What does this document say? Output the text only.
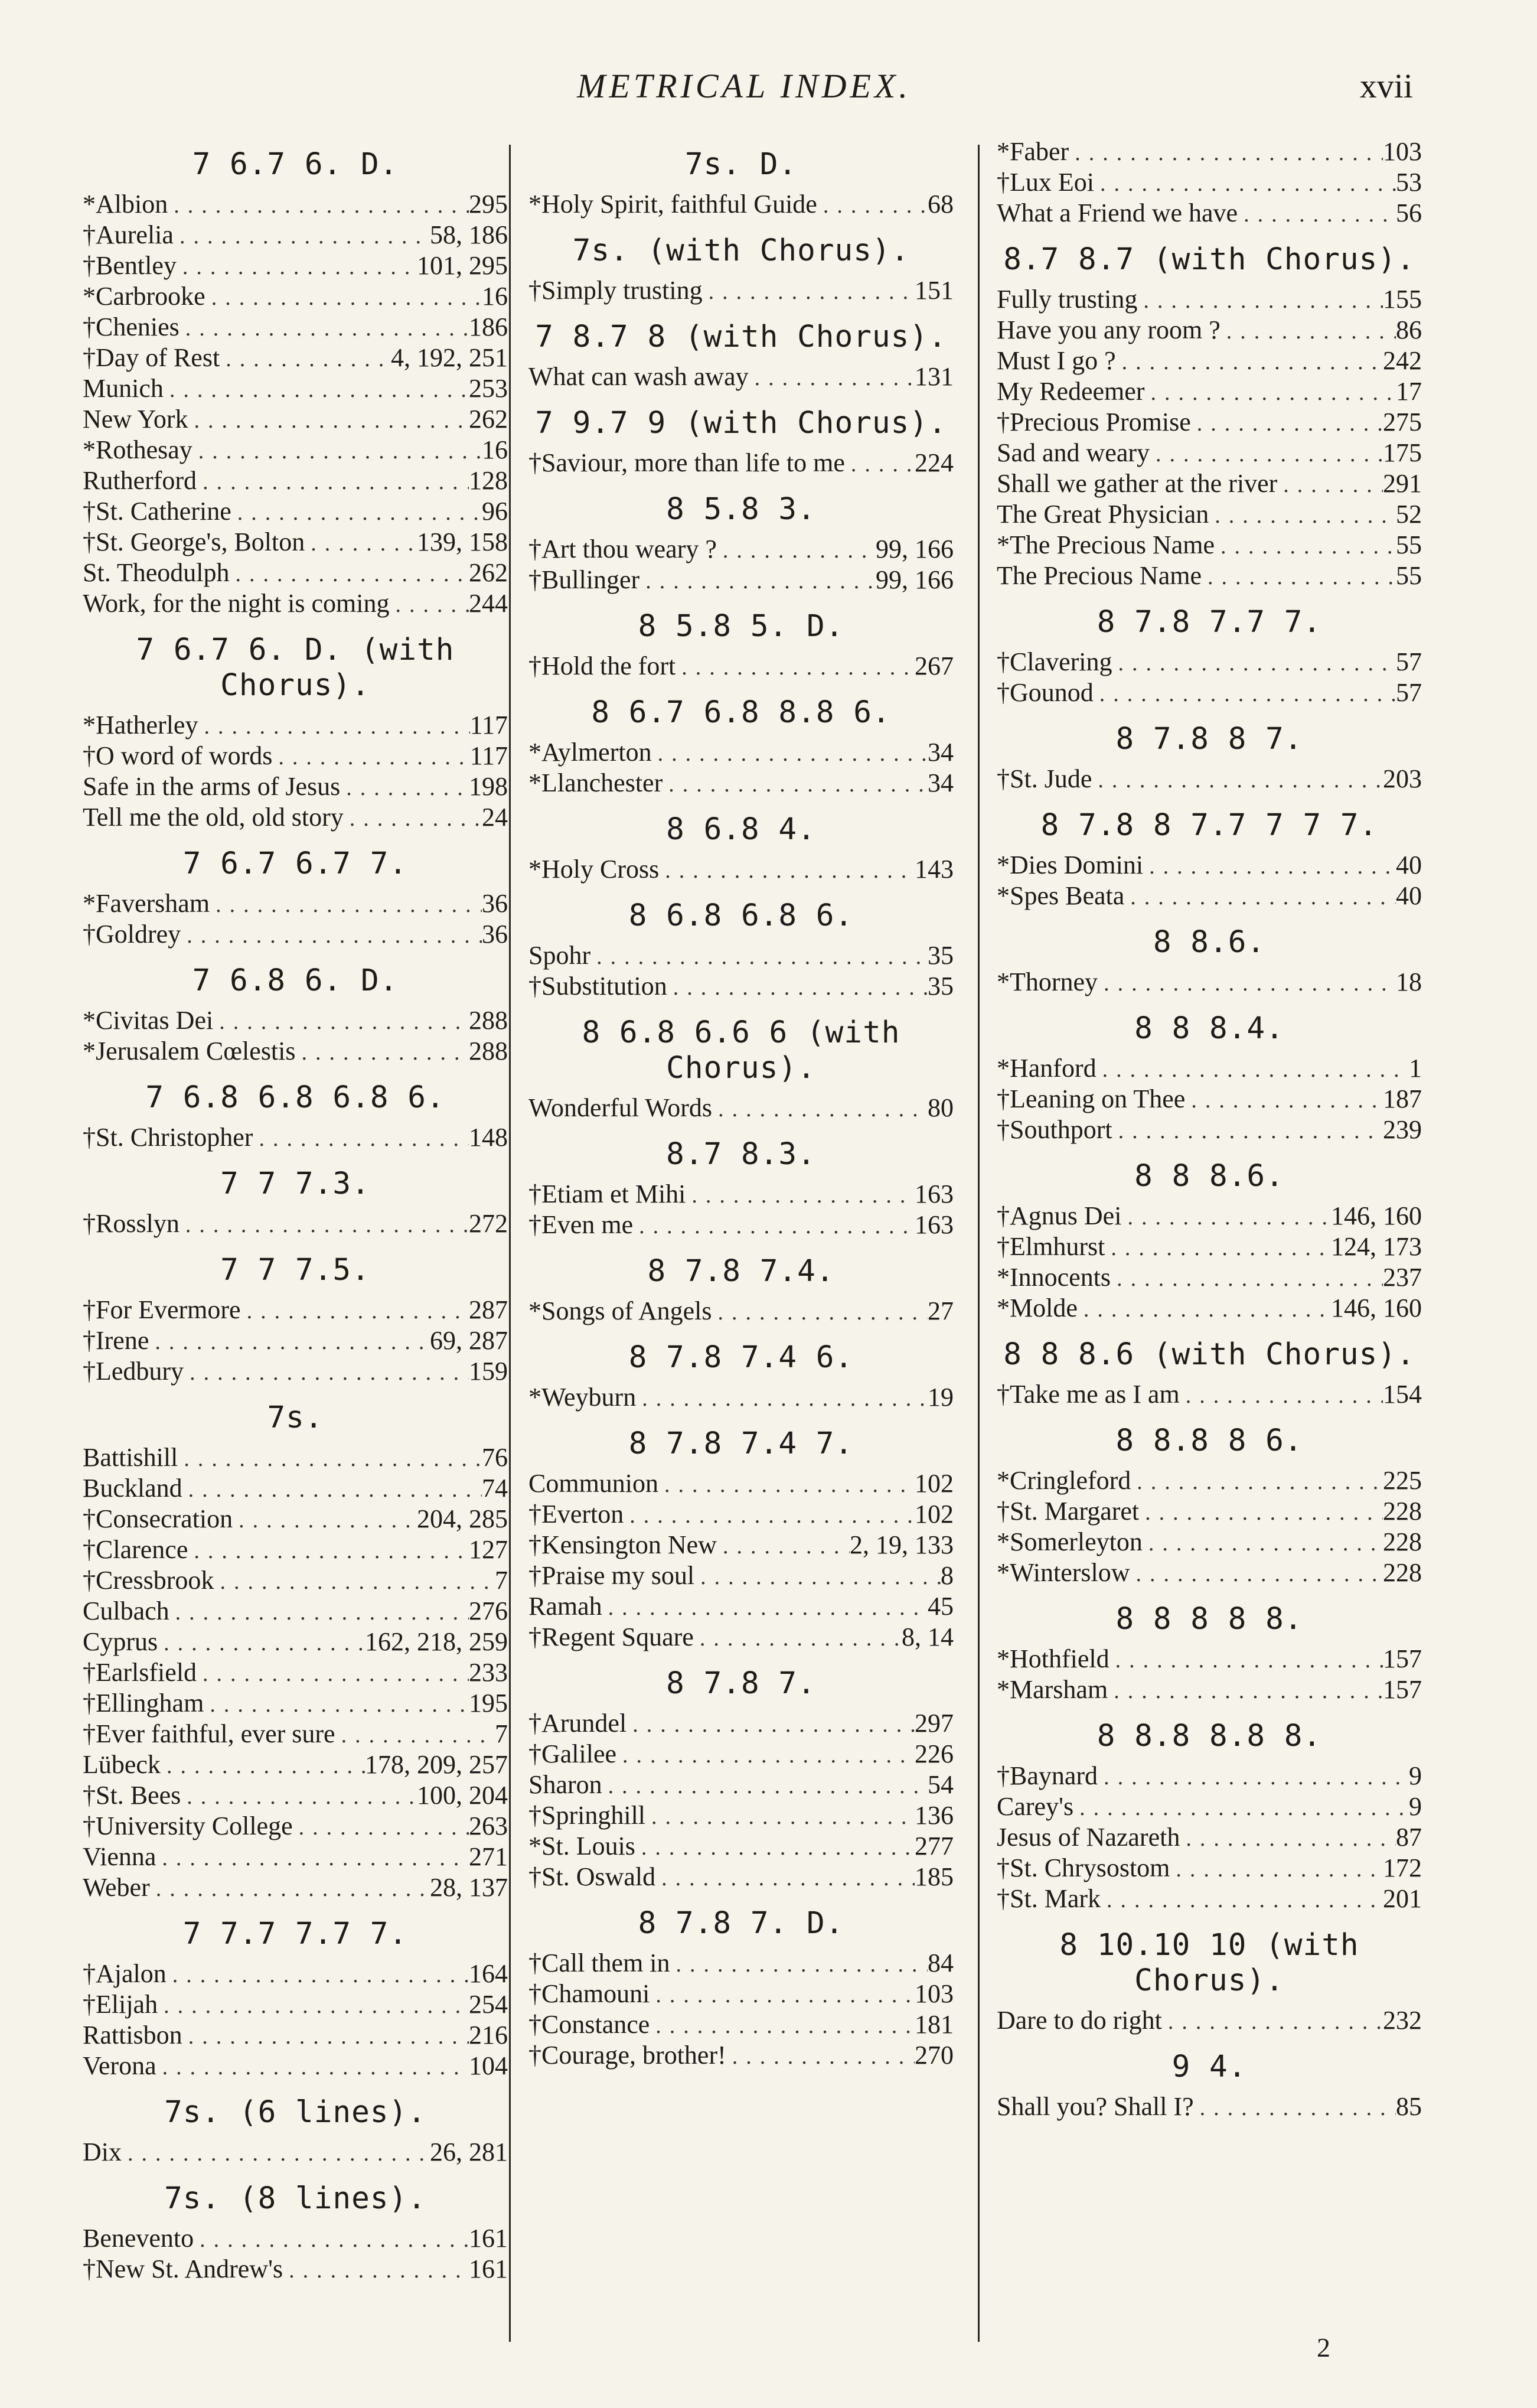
METRICAL INDEX.	xvii
7 6.7 6. D.
*Albion .....	295
†Aurelia .....	58, 186
†Bentley .....	101, 295
*Carbrooke .....	16
†Chenies .....	186
†Day of Rest .....	4, 192, 251
Munich .....	253
New York .....	262
*Rothesay .....	16
Rutherford .....	128
†St. Catherine .....	96
†St. George's, Bolton .....	139, 158
St. Theodulph .....	262
Work, for the night is coming .....	244
7 6.7 6. D. (with Chorus).
*Hatherley .....	117
†O word of words .....	117
Safe in the arms of Jesus .....	198
Tell me the old, old story .....	24
7 6.7 6.7 7.
*Faversham .....	36
†Goldrey .....	36
7 6.8 6. D.
*Civitas Dei .....	288
*Jerusalem Cœlestis .....	288
7 6.8 6.8 6.8 6.
†St. Christopher .....	148
7 7 7.3.
†Rosslyn .....	272
7 7 7.5.
†For Evermore .....	287
†Irene .....	69, 287
†Ledbury .....	159
7s.
Battishill .....	76
Buckland .....	74
†Consecration .....	204, 285
†Clarence .....	127
†Cressbrook .....	7
Culbach .....	276
Cyprus .....	162, 218, 259
†Earlsfield .....	233
†Ellingham .....	195
†Ever faithful, ever sure .....	7
Lübeck .....	178, 209, 257
†St. Bees .....	100, 204
†University College .....	263
Vienna .....	271
Weber .....	28, 137
7 7.7 7.7 7.
†Ajalon .....	164
†Elijah .....	254
Rattisbon .....	216
Verona .....	104
7s. (6 lines).
Dix .....	26, 281
7s. (8 lines).
Benevento .....	161
†New St. Andrew's .....	161
7s. D.
*Holy Spirit, faithful Guide .....	68
7s. (with Chorus).
†Simply trusting .....	151
7 8.7 8 (with Chorus).
What can wash away .....	131
7 9.7 9 (with Chorus).
†Saviour, more than life to me .....	224
8 5.8 3.
†Art thou weary ? .....	99, 166
†Bullinger .....	99, 166
8 5.8 5. D.
†Hold the fort .....	267
8 6.7 6.8 8.8 6.
*Aylmerton .....	34
*Llanchester .....	34
8 6.8 4.
*Holy Cross .....	143
8 6.8 6.8 6.
Spohr .....	35
†Substitution .....	35
8 6.8 6.6 6 (with Chorus).
Wonderful Words .....	80
8.7 8.3.
†Etiam et Mihi .....	163
†Even me .....	163
8 7.8 7.4.
*Songs of Angels .....	27
8 7.8 7.4 6.
*Weyburn .....	19
8 7.8 7.4 7.
Communion .....	102
†Everton .....	102
†Kensington New .....	2, 19, 133
†Praise my soul .....	8
Ramah .....	45
†Regent Square .....	8, 14
8 7.8 7.
†Arundel .....	297
†Galilee .....	226
Sharon .....	54
†Springhill .....	136
*St. Louis .....	277
†St. Oswald .....	185
8 7.8 7. D.
†Call them in .....	84
†Chamouni .....	103
†Constance .....	181
†Courage, brother! .....	270
*Faber .....	103
†Lux Eoi .....	53
What a Friend we have .....	56
8.7 8.7 (with Chorus).
Fully trusting .....	155
Have you any room ? .....	86
Must I go ? .....	242
My Redeemer .....	17
†Precious Promise .....	275
Sad and weary .....	175
Shall we gather at the river .....	291
The Great Physician .....	52
*The Precious Name .....	55
The Precious Name .....	55
8 7.8 7.7 7.
†Clavering .....	57
†Gounod .....	57
8 7.8 8 7.
†St. Jude .....	203
8 7.8 8 7.7 7 7 7.
*Dies Domini .....	40
*Spes Beata .....	40
8 8.6.
*Thorney .....	18
8 8 8.4.
*Hanford .....	1
†Leaning on Thee .....	187
†Southport .....	239
8 8 8.6.
†Agnus Dei .....	146, 160
†Elmhurst .....	124, 173
*Innocents .....	237
*Molde .....	146, 160
8 8 8.6 (with Chorus).
†Take me as I am .....	154
8 8.8 8 6.
*Cringleford .....	225
†St. Margaret .....	228
*Somerleyton .....	228
*Winterslow .....	228
8 8 8 8 8.
*Hothfield .....	157
*Marsham .....	157
8 8.8 8.8 8.
†Baynard .....	9
Carey's .....	9
Jesus of Nazareth .....	87
†St. Chrysostom .....	172
†St. Mark .....	201
8 10.10 10 (with Chorus).
Dare to do right .....	232
9 4.
Shall you? Shall I? .....	85
2
